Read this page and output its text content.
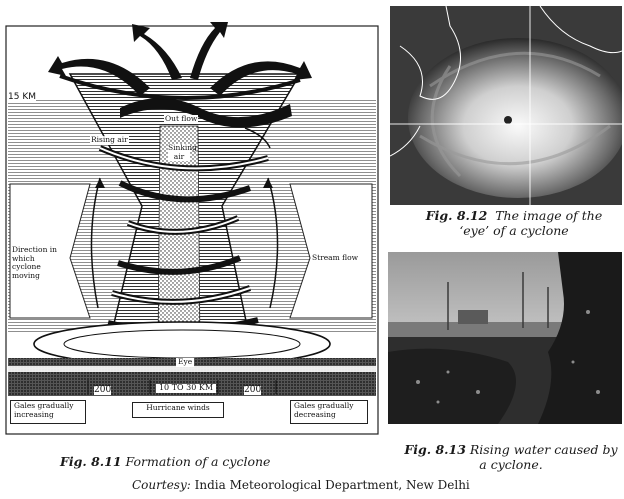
15 KM
Out flow
Rising air
Sinking air
Direction in which cyclone moving
Stream flow
Eye
200	10 TO 30 KM	200
Gales gradually increasing
Hurricane winds	Gales gradually decreasing
Fig. 8.11 Formation of a cyclone
Fig. 8.12 The image of the
‘eye’ of a cyclone
Fig. 8.13 Rising water caused by
a cyclone.
Courtesy: India Meteorological Department, New Delhi
